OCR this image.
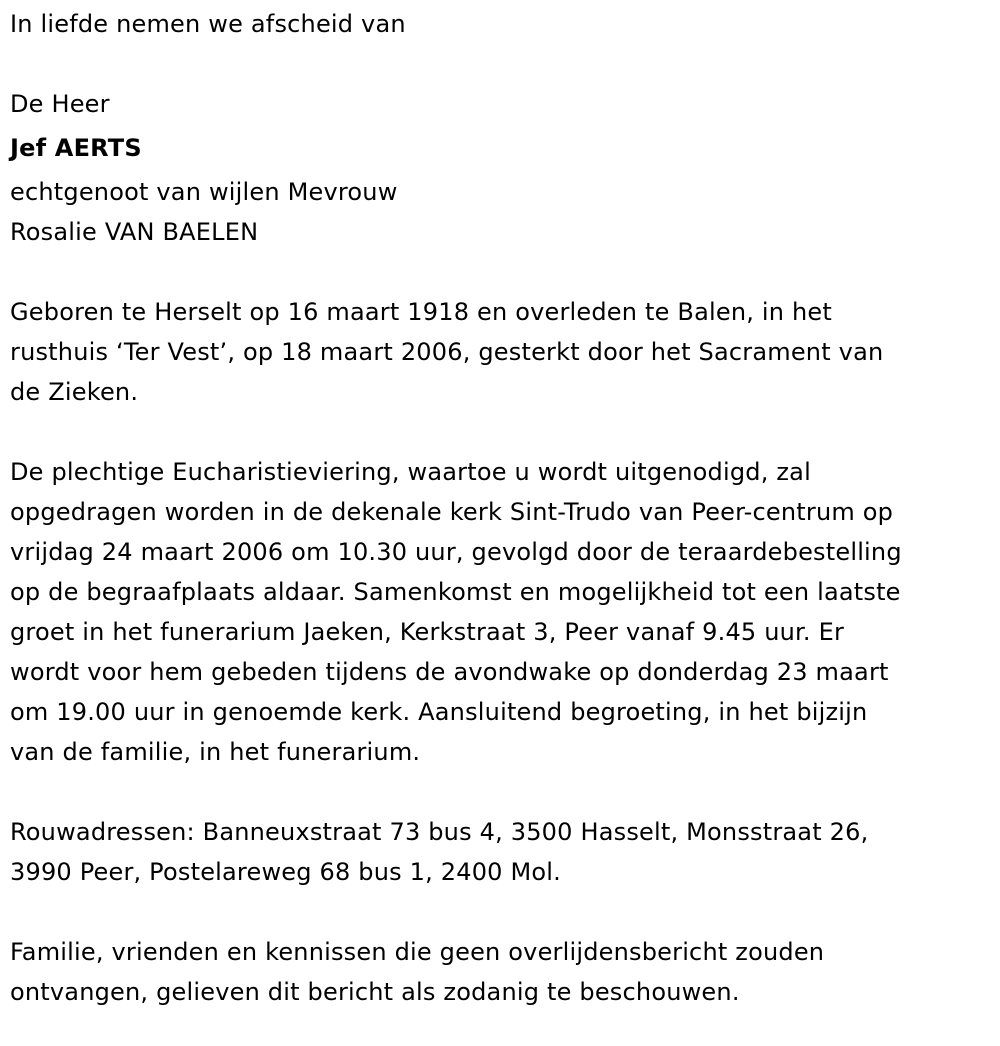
In liefde nemen we afscheid van
De Heer
Jef AERTS
echtgenoot van wijlen Mevrouw
Rosalie VAN BAELEN
Geboren te Herselt op 16 maart 1918 en overleden te Balen, in het
rusthuis ‘Ter Vest’, op 18 maart 2006, gesterkt door het Sacrament van
de Zieken.
De plechtige Eucharistieviering, waartoe u wordt uitgenodigd, zal
opgedragen worden in de dekenale kerk Sint-Trudo van Peer-centrum op
vrijdag 24 maart 2006 om 10.30 uur, gevolgd door de teraardebestelling
op de begraafplaats aldaar. Samenkomst en mogelijkheid tot een laatste
groet in het funerarium Jaeken, Kerkstraat 3, Peer vanaf 9.45 uur. Er
wordt voor hem gebeden tijdens de avondwake op donderdag 23 maart
om 19.00 uur in genoemde kerk. Aansluitend begroeting, in het bijzijn
van de familie, in het funerarium.
Rouwadressen: Banneuxstraat 73 bus 4, 3500 Hasselt, Monsstraat 26,
3990 Peer, Postelareweg 68 bus 1, 2400 Mol.
Familie, vrienden en kennissen die geen overlijdensbericht zouden
ontvangen, gelieven dit bericht als zodanig te beschouwen.
